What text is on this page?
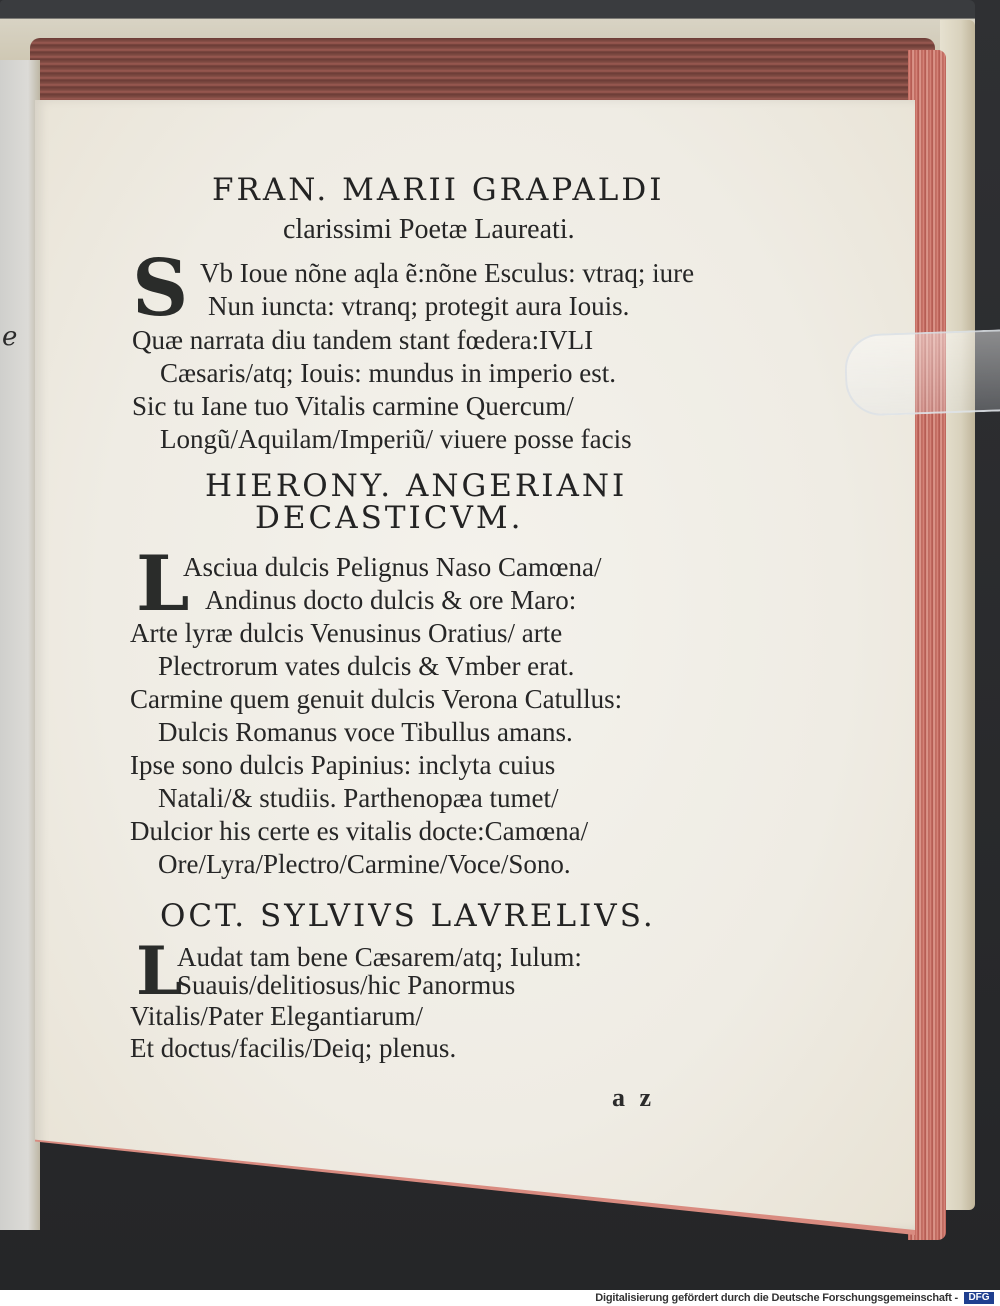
e
FRAN. MARII GRAPALDI
clarissimi Poetæ Laureati.
S Vb Ioue nõne aqla ẽ:nõne Esculus: vtraq; iure
Nun iuncta: vtranq; protegit aura Iouis.
Quæ narrata diu tandem stant fœdera:IVLI
Cæsaris/atq; Iouis: mundus in imperio est.
Sic tu Iane tuo Vitalis carmine Quercum/
Longũ/Aquilam/Imperiũ/ viuere posse facis
HIERONY. ANGERIANI
DECASTICVM.
L
Asciua dulcis Pelignus Naso Camœna/
Andinus docto dulcis & ore Maro:
Arte lyræ dulcis Venusinus Oratius/ arte
Plectrorum vates dulcis & Vmber erat.
Carmine quem genuit dulcis Verona Catullus:
Dulcis Romanus voce Tibullus amans.
Ipse sono dulcis Papinius: inclyta cuius
Natali/& studiis. Parthenopæa tumet/
Dulcior his certe es vitalis docte:Camœna/
Ore/Lyra/Plectro/Carmine/Voce/Sono.
OCT. SYLVIVS LAVRELIVS.
L
Audat tam bene Cæsarem/atq; Iulum:
Suauis/delitiosus/hic Panormus
Vitalis/Pater Elegantiarum/
Et doctus/facilis/Deiq; plenus.
a z
Digitalisierung gefördert durch die Deutsche Forschungsgemeinschaft -	DFG
